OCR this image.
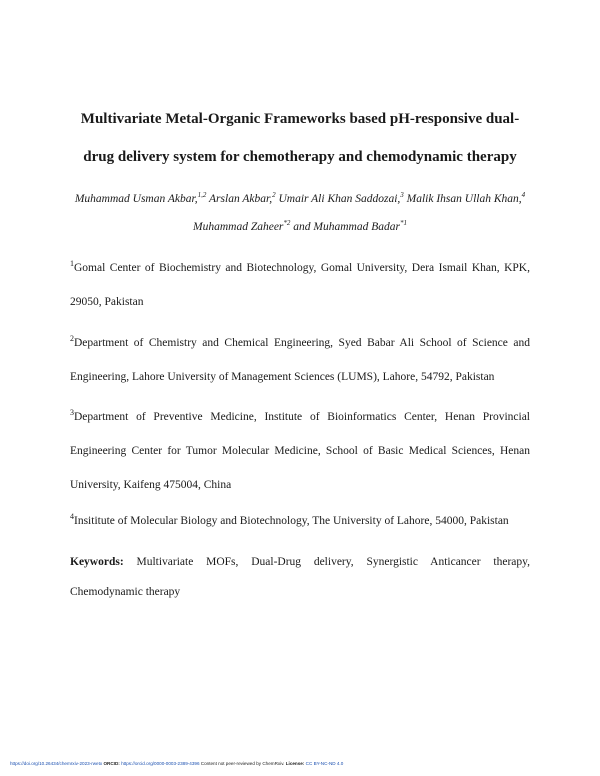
Multivariate Metal-Organic Frameworks based pH-responsive dual-
drug delivery system for chemotherapy and chemodynamic therapy
Muhammad Usman Akbar,$^{1,2}$ Arslan Akbar,$^2$ Umair Ali Khan Saddozai,$^3$ Malik Ihsan Ullah Khan,$^4$ Muhammad Zaheer$^{*2}$ and Muhammad Badar$^{*1}$
$^1$Gomal Center of Biochemistry and Biotechnology, Gomal University, Dera Ismail Khan, KPK, 29050, Pakistan
$^2$Department of Chemistry and Chemical Engineering, Syed Babar Ali School of Science and Engineering, Lahore University of Management Sciences (LUMS), Lahore, 54792, Pakistan
$^3$Department of Preventive Medicine, Institute of Bioinformatics Center, Henan Provincial Engineering Center for Tumor Molecular Medicine, School of Basic Medical Sciences, Henan University, Kaifeng 475004, China
$^4$Insititute of Molecular Biology and Biotechnology, The University of Lahore, 54000, Pakistan
Keywords: Multivariate MOFs, Dual-Drug delivery, Synergistic Anticancer therapy, Chemodynamic therapy
https://doi.org/10.26434/chemrxiv-2023-rwetx ORCID: https://orcid.org/0000-0003-2389-4396 Content not peer-reviewed by ChemRxiv. License: CC BY-NC-ND 4.0
